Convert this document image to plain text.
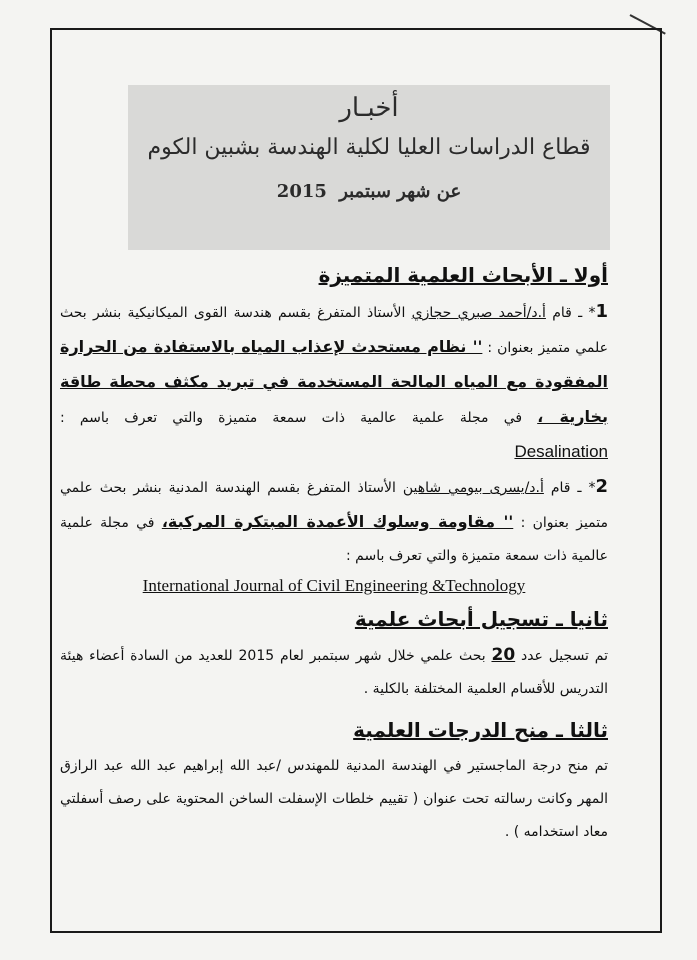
أخبـار
قطاع الدراسات العليا لكلية الهندسة بشبين الكوم
عن شهر سبتمبر 2015
أولا ـ الأبحاث العلمية المتميزة

1* ـ قام أ.د/أحمد صبري حجازي الأستاذ المتفرغ بقسم هندسة القوى الميكانيكية بنشر بحث علمي متميز بعنوان : '' نظام مستحدث لإعذاب المياه بالاستفادة من الحرارة المفقودة مع المياه المالحة المستخدمة في تبريد مكثف محطة طاقة بخارية ، في مجلة علمية عالمية ذات سمعة متميزة والتي تعرف باسم : Desalination

2* ـ قام أ.د/يسرى بيومي شاهين الأستاذ المتفرغ بقسم الهندسة المدنية بنشر بحث علمي متميز بعنوان : '' مقاومة وسلوك الأعمدة المبتكرة المركبة، في مجلة علمية عالمية ذات سمعة متميزة والتي تعرف باسم :

International Journal of Civil Engineering &Technology

ثانيا ـ تسجيل أبحاث علمية

تم تسجيل عدد 20 بحث علمي خلال شهر سبتمبر لعام 2015 للعديد من السادة أعضاء هيئة التدريس للأقسام العلمية المختلفة بالكلية .

ثالثا ـ منح الدرجات العلمية

تم منح درجة الماجستير في الهندسة المدنية للمهندس /عبد الله إبراهيم عبد الله عبد الرازق المهر وكانت رسالته تحت عنوان ( تقييم خلطات الإسفلت الساخن المحتوية على رصف أسفلتي معاد استخدامه ) .
